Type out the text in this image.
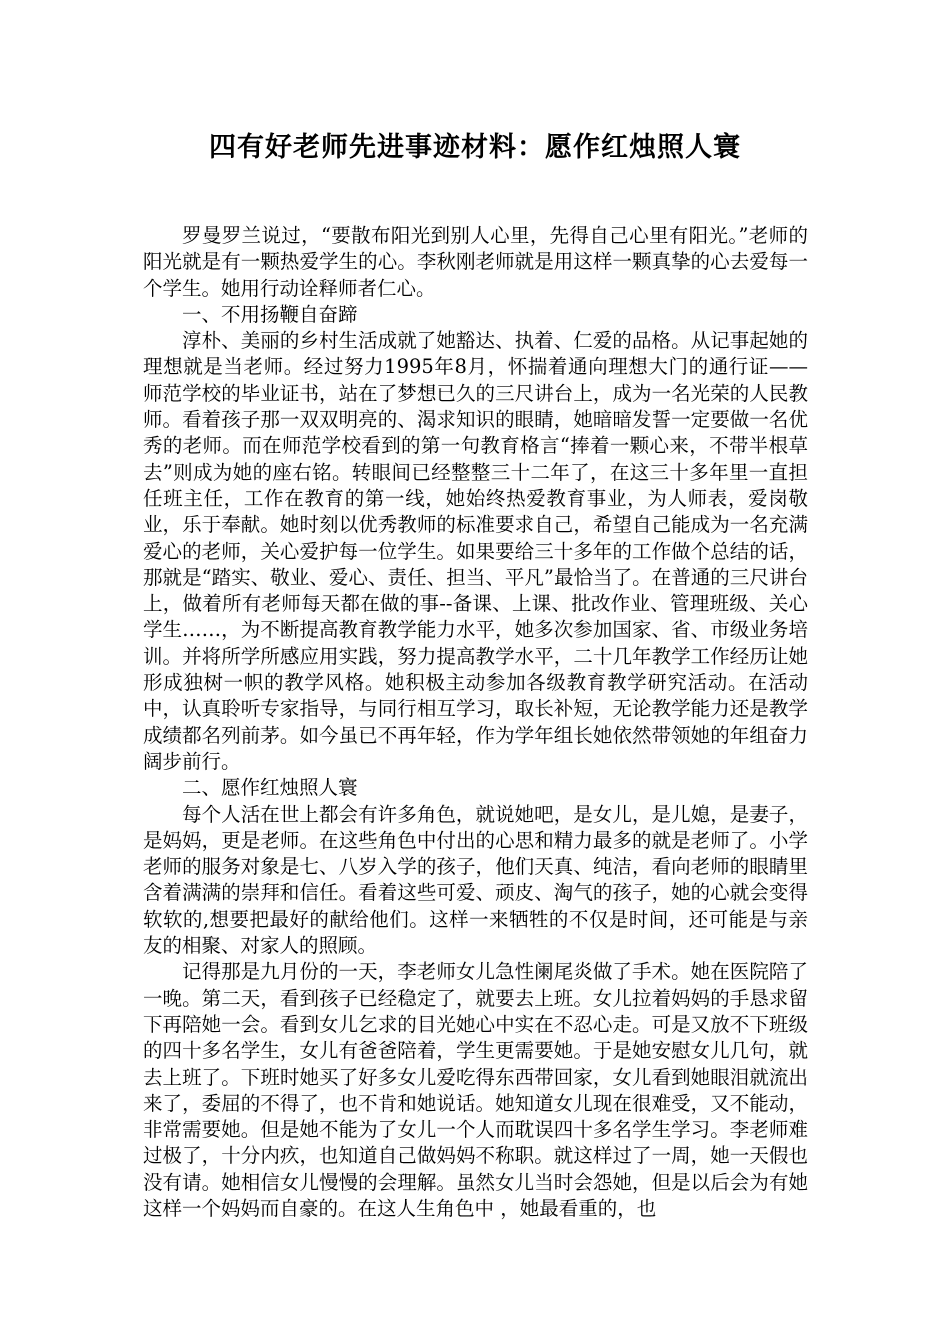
四有好老师先进事迹材料：愿作红烛照人寰

罗曼罗兰说过，“要散布阳光到别人心里，先得自己心里有阳光。”老师的阳光就是有一颗热爱学生的心。李秋刚老师就是用这样一颗真挚的心去爱每一个学生。她用行动诠释师者仁心。

一、不用扬鞭自奋蹄

淳朴、美丽的乡村生活成就了她豁达、执着、仁爱的品格。从记事起她的理想就是当老师。经过努力1995年8月，怀揣着通向理想大门的通行证——师范学校的毕业证书，站在了梦想已久的三尺讲台上，成为一名光荣的人民教师。看着孩子那一双双明亮的、渴求知识的眼睛，她暗暗发誓一定要做一名优秀的老师。而在师范学校看到的第一句教育格言“捧着一颗心来，不带半根草去”则成为她的座右铭。转眼间已经整整三十二年了，在这三十多年里一直担任班主任，工作在教育的第一线，她始终热爱教育事业，为人师表，爱岗敬业，乐于奉献。她时刻以优秀教师的标准要求自己，希望自己能成为一名充满爱心的老师，关心爱护每一位学生。如果要给三十多年的工作做个总结的话，那就是“踏实、敬业、爱心、责任、担当、平凡”最恰当了。在普通的三尺讲台上，做着所有老师每天都在做的事--备课、上课、批改作业、管理班级、关心学生……，为不断提高教育教学能力水平，她多次参加国家、省、市级业务培训。并将所学所感应用实践，努力提高教学水平，二十几年教学工作经历让她形成独树一帜的教学风格。她积极主动参加各级教育教学研究活动。在活动中，认真聆听专家指导，与同行相互学习，取长补短，无论教学能力还是教学成绩都名列前茅。如今虽已不再年轻，作为学年组长她依然带领她的年组奋力阔步前行。

二、愿作红烛照人寰

每个人活在世上都会有许多角色，就说她吧，是女儿，是儿媳，是妻子，是妈妈，更是老师。在这些角色中付出的心思和精力最多的就是老师了。小学老师的服务对象是七、八岁入学的孩子，他们天真、纯洁，看向老师的眼睛里含着满满的崇拜和信任。看着这些可爱、顽皮、淘气的孩子，她的心就会变得软软的,想要把最好的献给他们。这样一来牺牲的不仅是时间，还可能是与亲友的相聚、对家人的照顾。

记得那是九月份的一天，李老师女儿急性阑尾炎做了手术。她在医院陪了一晚。第二天，看到孩子已经稳定了，就要去上班。女儿拉着妈妈的手恳求留下再陪她一会。看到女儿乞求的目光她心中实在不忍心走。可是又放不下班级的四十多名学生，女儿有爸爸陪着，学生更需要她。于是她安慰女儿几句，就去上班了。下班时她买了好多女儿爱吃得东西带回家，女儿看到她眼泪就流出来了，委屈的不得了，也不肯和她说话。她知道女儿现在很难受，又不能动，非常需要她。但是她不能为了女儿一个人而耽误四十多名学生学习。李老师难过极了，十分内疚，也知道自己做妈妈不称职。就这样过了一周，她一天假也没有请。她相信女儿慢慢的会理解。虽然女儿当时会怨她，但是以后会为有她这样一个妈妈而自豪的。在这人生角色中 ，她最看重的，也
